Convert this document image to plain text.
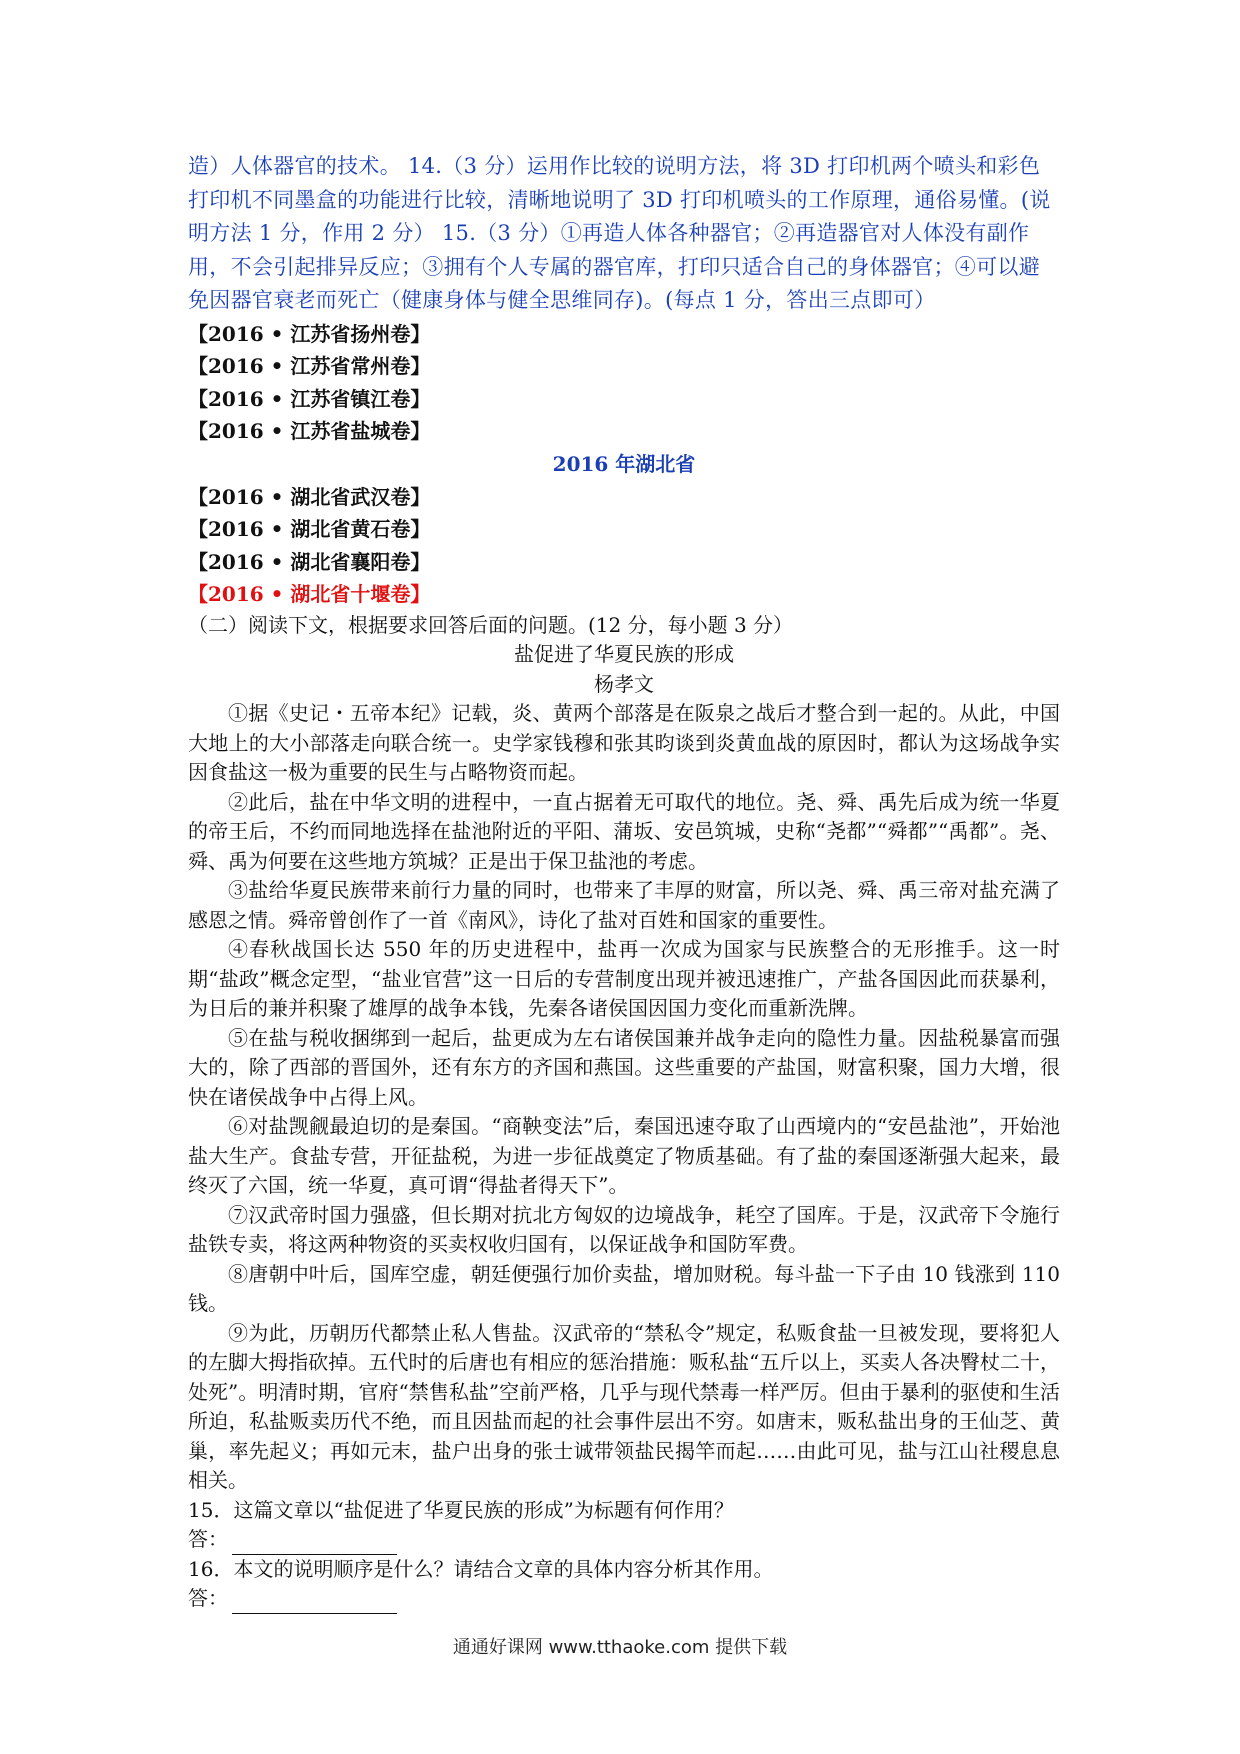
造）人体器官的技术。 14.（3 分）运用作比较的说明方法，将 3D 打印机两个喷头和彩色打印机不同墨盒的功能进行比较，清晰地说明了 3D 打印机喷头的工作原理，通俗易懂。(说明方法 1 分，作用 2 分） 15.（3 分）①再造人体各种器官；②再造器官对人体没有副作用，不会引起排异反应；③拥有个人专属的器官库，打印只适合自己的身体器官；④可以避免因器官衰老而死亡（健康身体与健全思维同存)。(每点 1 分，答出三点即可）

【2016 • 江苏省扬州卷】

【2016 • 江苏省常州卷】

【2016 • 江苏省镇江卷】

【2016 • 江苏省盐城卷】

2016 年湖北省

【2016 • 湖北省武汉卷】

【2016 • 湖北省黄石卷】

【2016 • 湖北省襄阳卷】

【2016 • 湖北省十堰卷】

（二）阅读下文，根据要求回答后面的问题。(12 分，每小题 3 分）

盐促进了华夏民族的形成

杨孝文

①据《史记・五帝本纪》记载，炎、黄两个部落是在阪泉之战后才整合到一起的。从此，中国大地上的大小部落走向联合统一。史学家钱穆和张其昀谈到炎黄血战的原因时，都认为这场战争实因食盐这一极为重要的民生与占略物资而起。

②此后，盐在中华文明的进程中，一直占据着无可取代的地位。尧、舜、禹先后成为统一华夏的帝王后，不约而同地选择在盐池附近的平阳、蒲坂、安邑筑城，史称“尧都”“舜都”“禹都”。尧、舜、禹为何要在这些地方筑城？正是出于保卫盐池的考虑。

③盐给华夏民族带来前行力量的同时，也带来了丰厚的财富，所以尧、舜、禹三帝对盐充满了感恩之情。舜帝曾创作了一首《南风》，诗化了盐对百姓和国家的重要性。

④春秋战国长达 550 年的历史进程中，盐再一次成为国家与民族整合的无形推手。这一时期“盐政”概念定型，“盐业官营”这一日后的专营制度出现并被迅速推广，产盐各国因此而获暴利，为日后的兼并积聚了雄厚的战争本钱，先秦各诸侯国因国力变化而重新洗牌。

⑤在盐与税收捆绑到一起后，盐更成为左右诸侯国兼并战争走向的隐性力量。因盐税暴富而强大的，除了西部的晋国外，还有东方的齐国和燕国。这些重要的产盐国，财富积聚，国力大增，很快在诸侯战争中占得上风。

⑥对盐觊觎最迫切的是秦国。“商鞅变法”后，秦国迅速夺取了山西境内的“安邑盐池”，开始池盐大生产。食盐专营，开征盐税，为进一步征战奠定了物质基础。有了盐的秦国逐渐强大起来，最终灭了六国，统一华夏，真可谓“得盐者得天下”。

⑦汉武帝时国力强盛，但长期对抗北方匈奴的边境战争，耗空了国库。于是，汉武帝下令施行盐铁专卖，将这两种物资的买卖权收归国有，以保证战争和国防军费。

⑧唐朝中叶后，国库空虚，朝廷便强行加价卖盐，增加财税。每斗盐一下子由 10 钱涨到 110 钱。

⑨为此，历朝历代都禁止私人售盐。汉武帝的“禁私令”规定，私贩食盐一旦被发现，要将犯人的左脚大拇指砍掉。五代时的后唐也有相应的惩治措施：贩私盐“五斤以上，买卖人各决臀杖二十，处死”。明清时期，官府“禁售私盐”空前严格，几乎与现代禁毒一样严厉。但由于暴利的驱使和生活所迫，私盐贩卖历代不绝，而且因盐而起的社会事件层出不穷。如唐末，贩私盐出身的王仙芝、黄巢，率先起义；再如元末，盐户出身的张士诚带领盐民揭竿而起……由此可见，盐与江山社稷息息相关。

15．这篇文章以“盐促进了华夏民族的形成”为标题有何作用？

答：

16．本文的说明顺序是什么？请结合文章的具体内容分析其作用。

答：

通通好课网 www.tthaoke.com 提供下载
